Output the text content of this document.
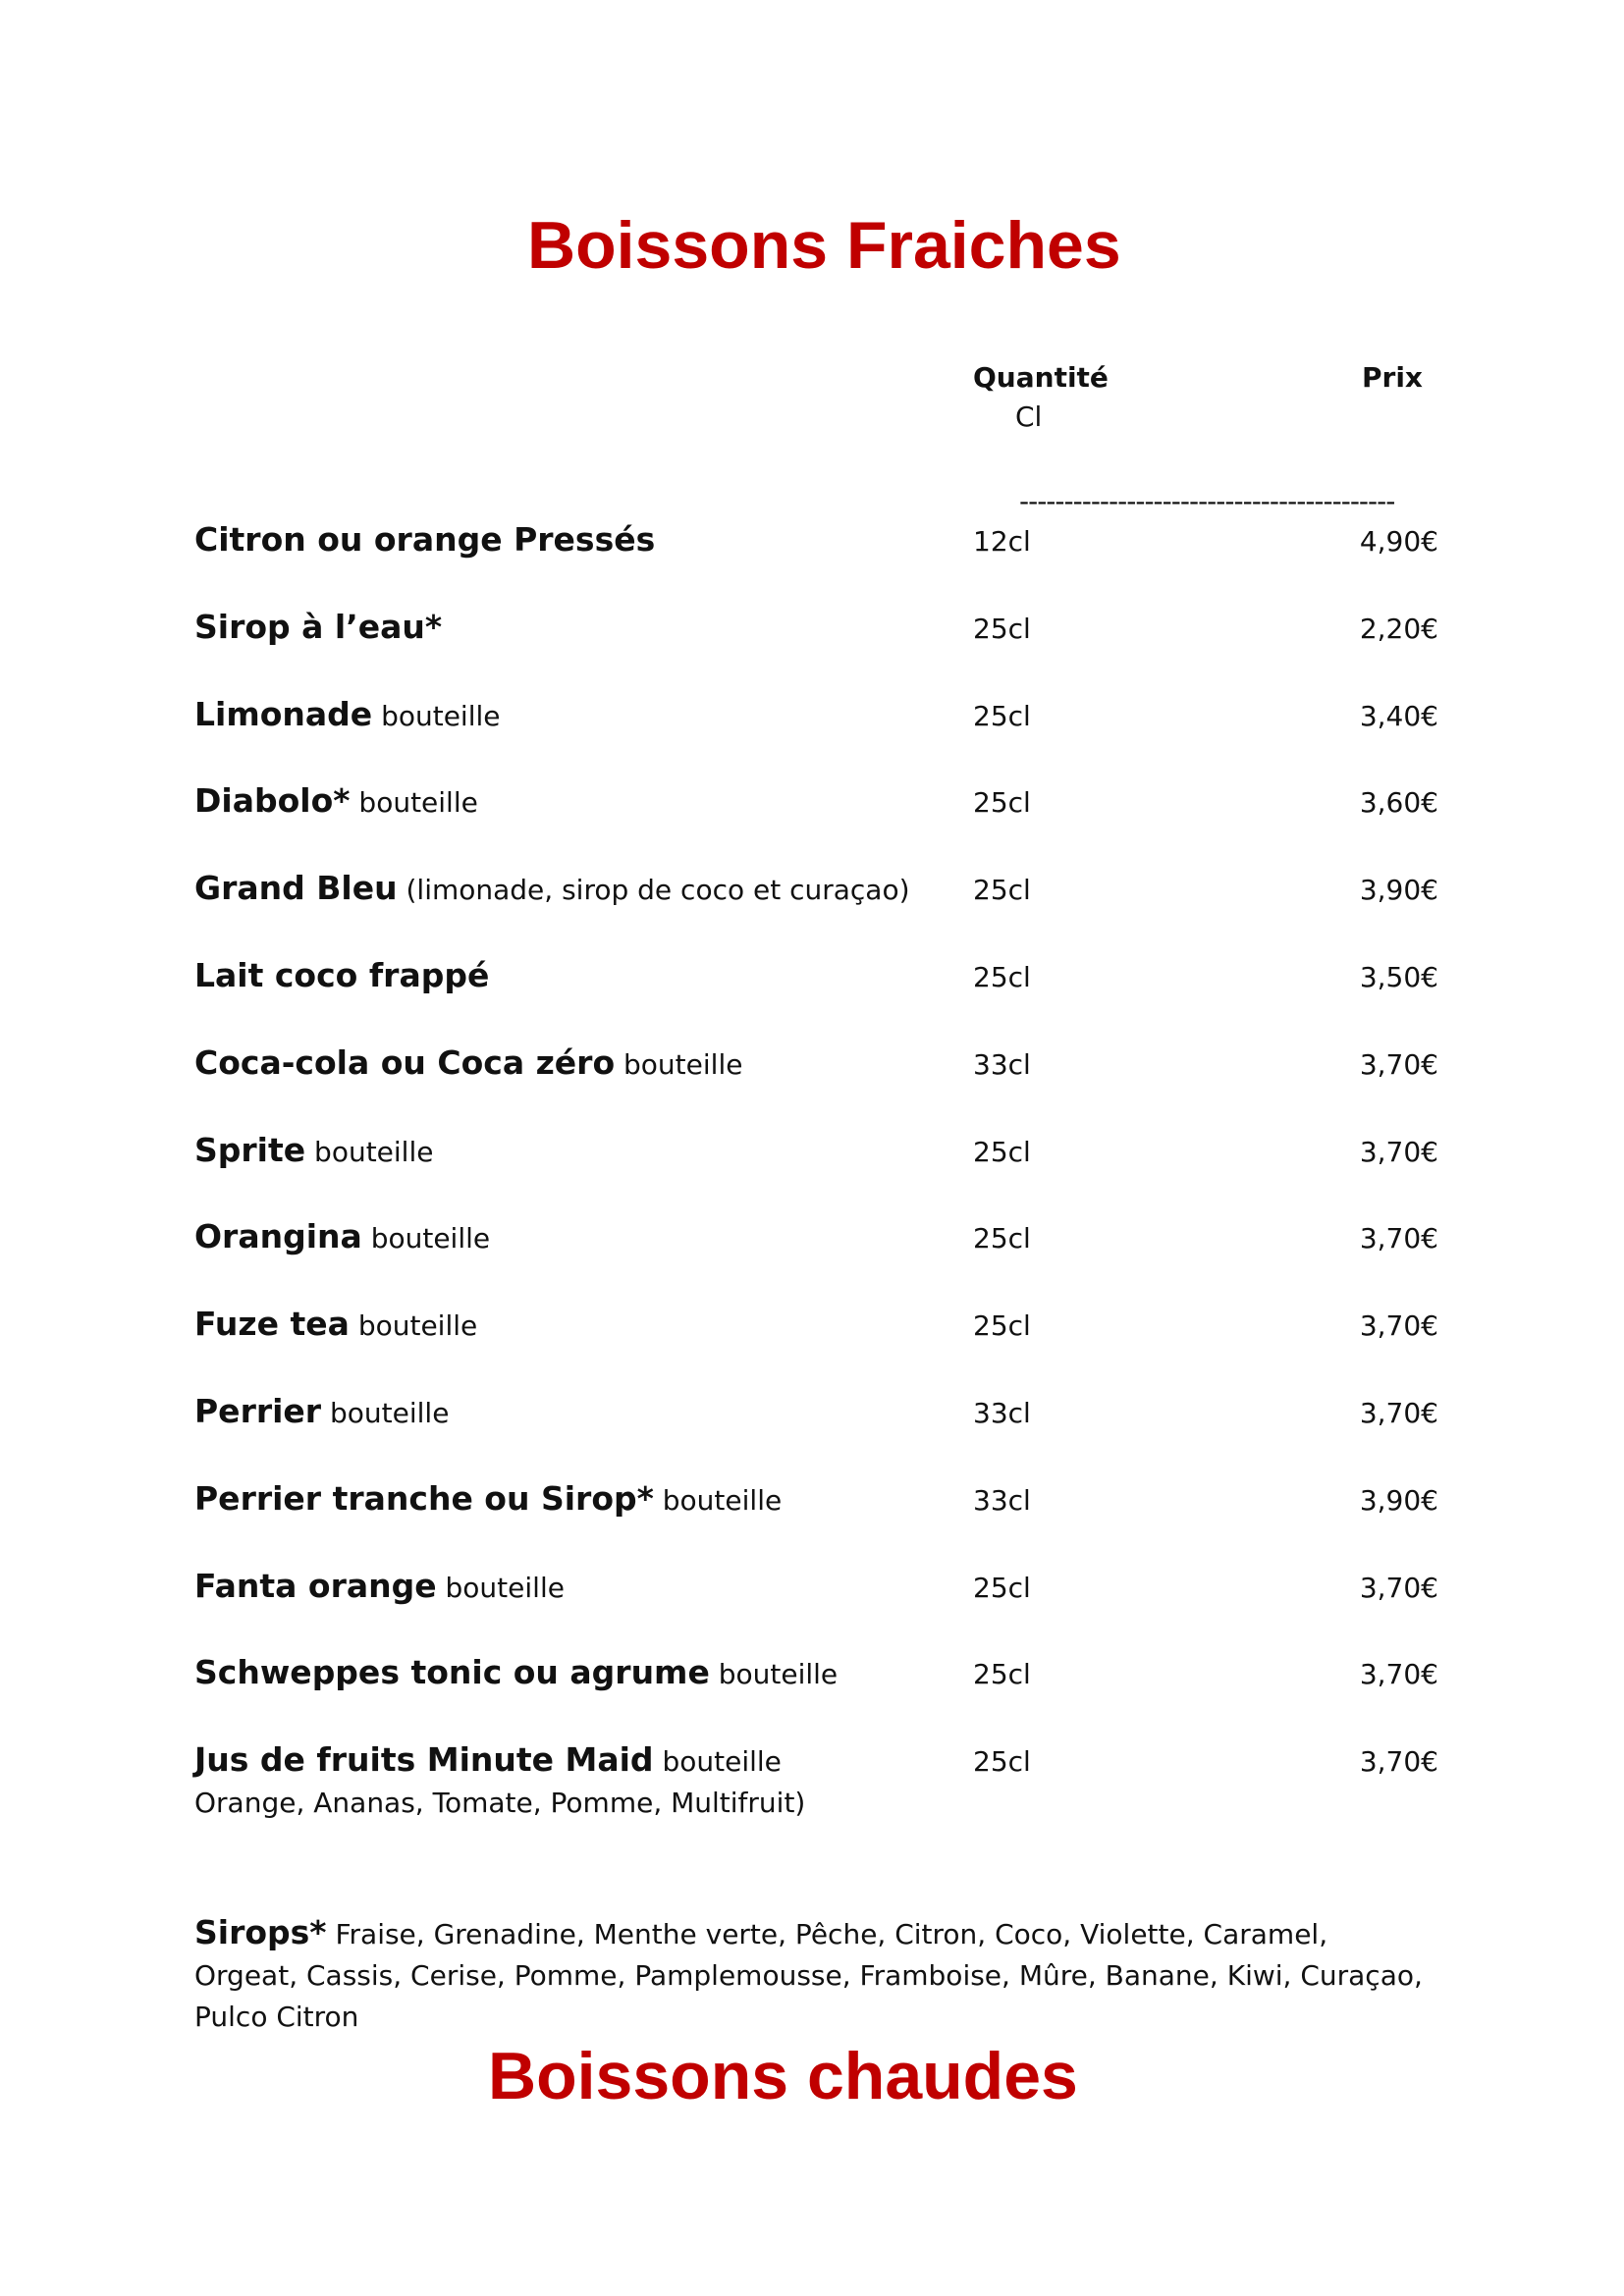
Boissons Fraiches
Quantité
Cl
Prix
------------------------------------------
Citron ou orange Pressés	12cl	4,90€
Sirop à l’eau*	25cl	2,20€
Limonade bouteille	25cl	3,40€
Diabolo* bouteille	25cl	3,60€
Grand Bleu (limonade, sirop de coco et curaçao) 25cl	3,90€
Lait coco frappé	25cl	3,50€
Coca-cola ou Coca zéro bouteille	33cl	3,70€
Sprite bouteille	25cl	3,70€
Orangina bouteille	25cl	3,70€
Fuze tea bouteille	25cl	3,70€
Perrier bouteille	33cl	3,70€
Perrier tranche ou Sirop* bouteille	33cl	3,90€
Fanta orange bouteille	25cl	3,70€
Schweppes tonic ou agrume bouteille	25cl	3,70€
Jus de fruits Minute Maid bouteille	25cl	3,70€
Orange, Ananas, Tomate, Pomme, Multifruit)
Sirops* Fraise, Grenadine, Menthe verte, Pêche, Citron, Coco, Violette, Caramel, Orgeat, Cassis, Cerise, Pomme, Pamplemousse, Framboise, Mûre, Banane, Kiwi, Curaçao, Pulco Citron
Boissons chaudes
